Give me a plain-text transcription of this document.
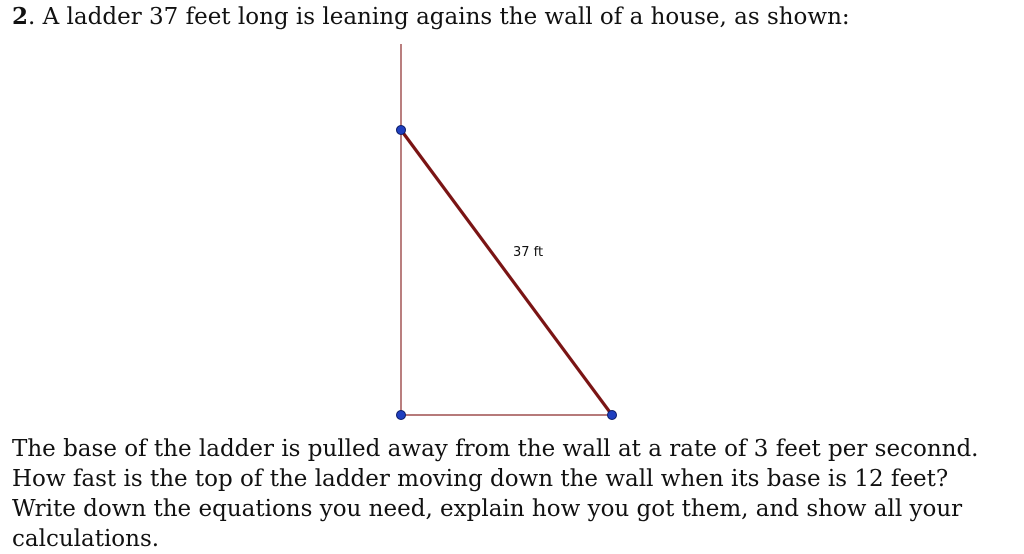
2. A ladder 37 feet long is leaning agains the wall of a house, as shown:
37 ft

The base of the ladder is pulled away from the wall at a rate of 3 feet per seconnd. How fast is the top of the ladder moving down the wall when its base is 12 feet?

Write down the equations you need, explain how you got them, and show all your calculations.
